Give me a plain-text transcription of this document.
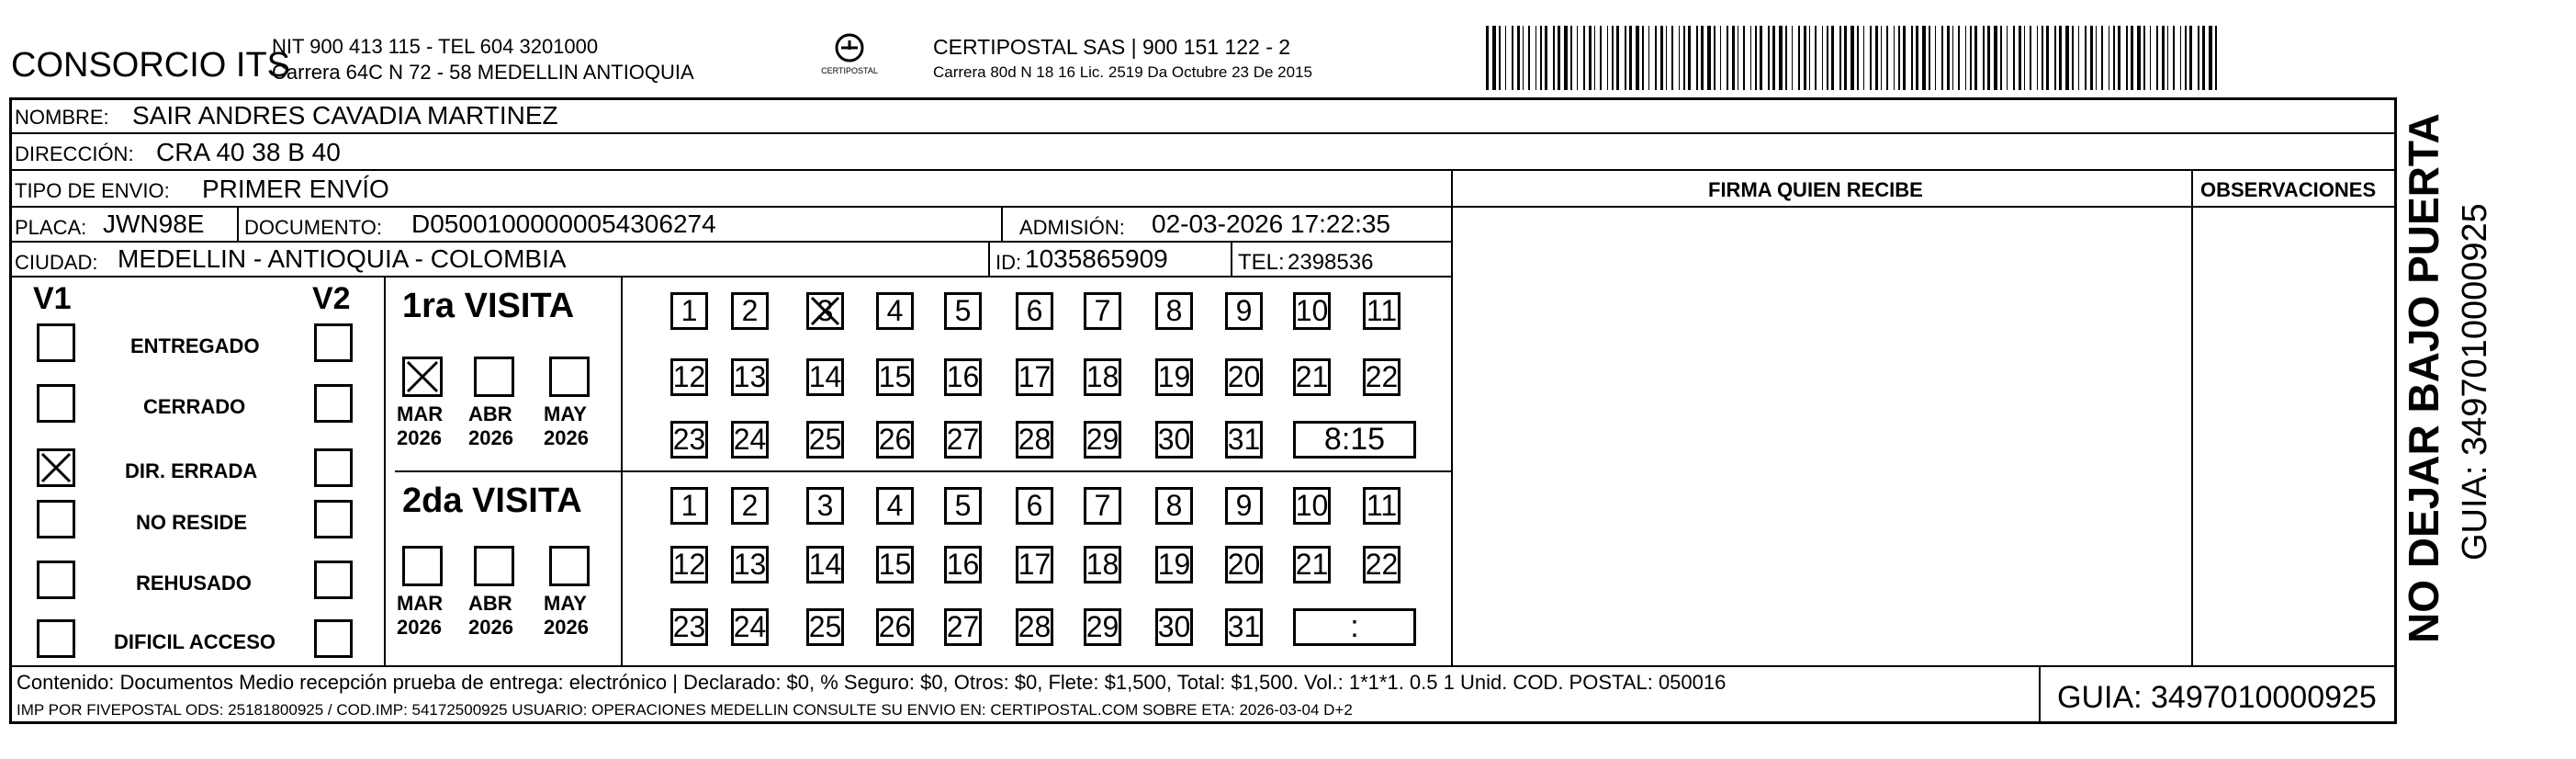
CONSORCIO ITS
NIT 900 413 115 - TEL 604 3201000
Carrera 64C N 72 - 58 MEDELLIN ANTIOQUIA	CERTIPOSTAL
CERTIPOSTAL SAS | 900 151 122 - 2
Carrera 80d N 18 16 Lic. 2519 Da Octubre 23 De 2015
NOMBRE: SAIR ANDRES CAVADIA MARTINEZ
DIRECCIÓN: CRA 40 38 B 40
TIPO DE ENVIO: PRIMER ENVÍO	FIRMA QUIEN RECIBE	OBSERVACIONES
PLACA: JWN98E DOCUMENTO: D05001000000054306274	ADMISIÓN: 02-03-2026 17:22:35
CIUDAD: MEDELLIN - ANTIOQUIA - COLOMBIA	ID: 1035865909	TEL: 2398536
V1	V2 1ra VISITA
2da VISITA
Contenido: Documentos Medio recepción prueba de entrega: electrónico | Declarado: $0, % Seguro: $0, Otros: $0, Flete: $1,500, Total: $1,500. Vol.: 1*1*1. 0.5 1 Unid. COD. POSTAL: 050016
IMP POR FIVEPOSTAL ODS: 25181800925 / COD.IMP: 54172500925 USUARIO: OPERACIONES MEDELLIN CONSULTE SU ENVIO EN: CERTIPOSTAL.COM SOBRE ETA: 2026-03-04 D+2	GUIA: 3497010000925
NO DEJAR BAJO PUERTA GUIA: 3497010000925
ENTREGADO
CERRADO
DIR. ERRADA
NO RESIDE
REHUSADO
DIFICIL ACCESO
MAR
2026
ABR
2026
MAY
2026
MAR
2026
ABR
2026
MAY
2026
1	2	3	4	5	6	7	8	9	10 11
12 13 14 15 16 17 18 19 20 21 22
23 24 25 26 27 28 29 30 31	8:15
1	2	3	4	5	6	7	8	9	10 11
12 13 14 15 16 17 18 19 20 21 22
23 24 25 26 27 28 29 30 31	:
